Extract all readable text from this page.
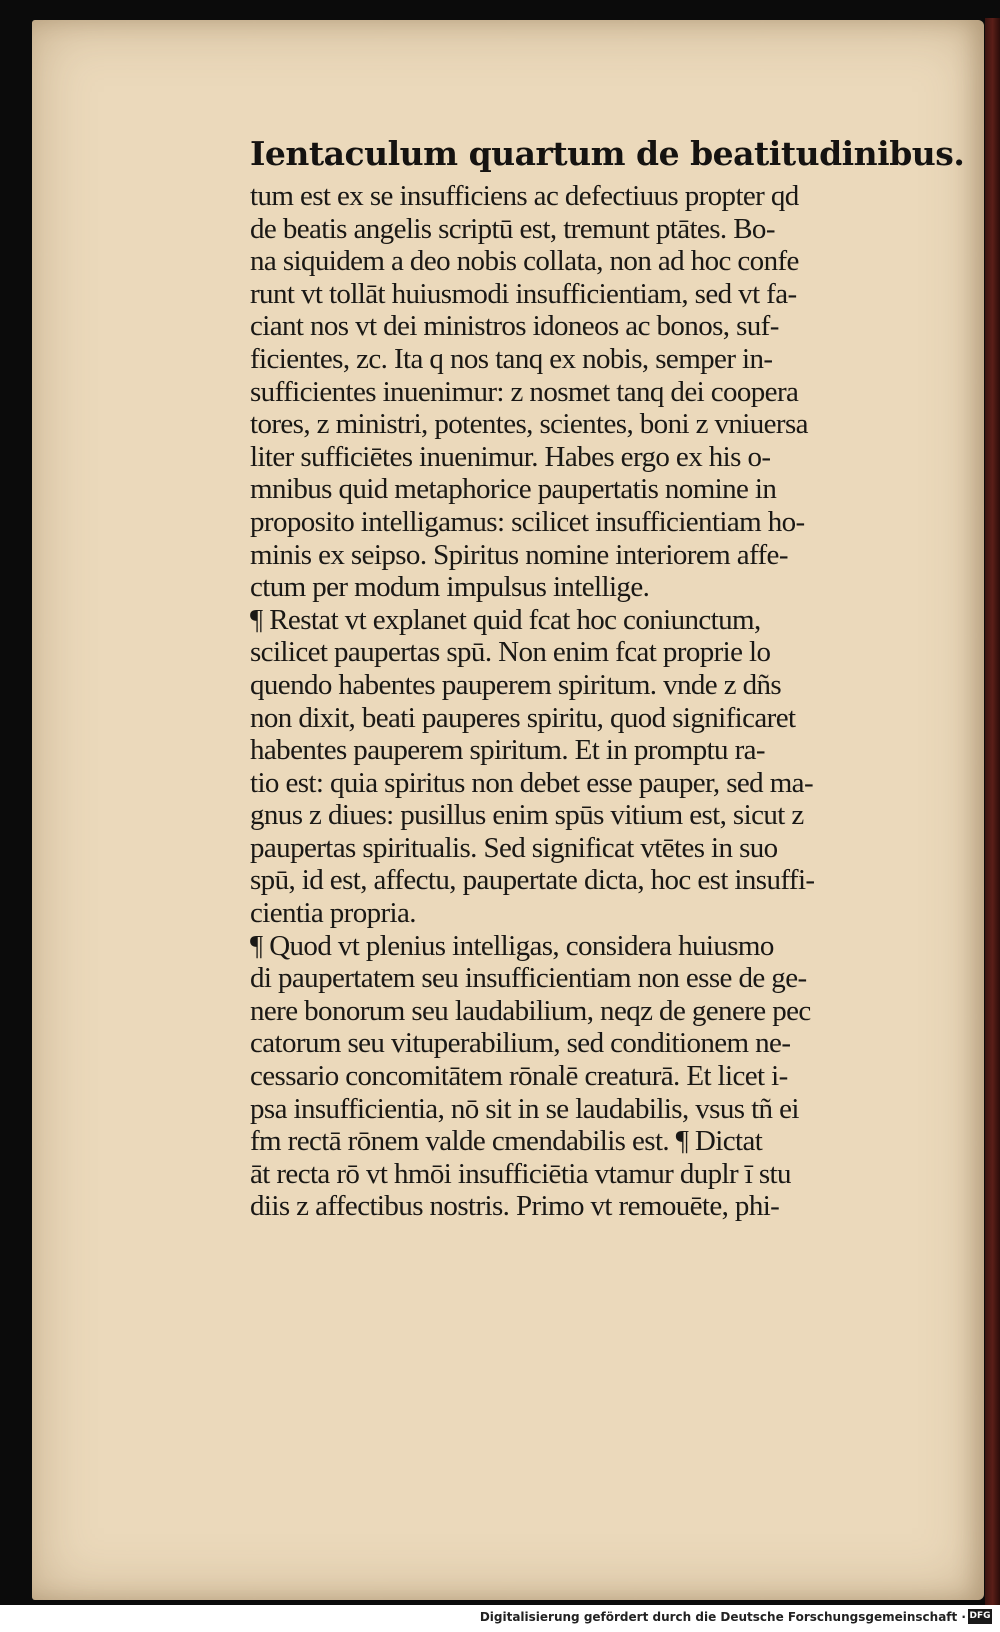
Ientaculum quartum de beatitudinibus.
tum est ex se insufficiens ac defectiuus propter qd
de beatis angelis scriptū est, tremunt ptātes. Bo-
na siquidem a deo nobis collata, non ad hoc confe
runt vt tollāt huiusmodi insufficientiam, sed vt fa-
ciant nos vt dei ministros idoneos ac bonos, suf-
ficientes, zc. Ita q nos tanq ex nobis, semper in-
sufficientes inuenimur: z nosmet tanq dei coopera
tores, z ministri, potentes, scientes, boni z vniuersa
liter sufficiētes inuenimur. Habes ergo ex his o-
mnibus quid metaphorice paupertatis nomine in
proposito intelligamus: scilicet insufficientiam ho-
minis ex seipso. Spiritus nomine interiorem affe-
ctum per modum impulsus intellige.
¶ Restat vt explanet quid fcat hoc coniunctum,
scilicet paupertas spū. Non enim fcat proprie lo
quendo habentes pauperem spiritum. vnde z dñs
non dixit, beati pauperes spiritu, quod significaret
habentes pauperem spiritum. Et in promptu ra-
tio est: quia spiritus non debet esse pauper, sed ma-
gnus z diues: pusillus enim spūs vitium est, sicut z
paupertas spiritualis. Sed significat vtētes in suo
spū, id est, affectu, paupertate dicta, hoc est insuffi-
cientia propria.
¶ Quod vt plenius intelligas, considera huiusmo
di paupertatem seu insufficientiam non esse de ge-
nere bonorum seu laudabilium, neqz de genere pec
catorum seu vituperabilium, sed conditionem ne-
cessario concomitātem rōnalē creaturā. Et licet i-
psa insufficientia, nō sit in se laudabilis, vsus tñ ei
fm rectā rōnem valde cmendabilis est. ¶ Dictat
āt recta rō vt hmōi insufficiētia vtamur duplr ī stu
diis z affectibus nostris. Primo vt remouēte, phi-
Digitalisierung gefördert durch die Deutsche Forschungsgemeinschaft · DFG
